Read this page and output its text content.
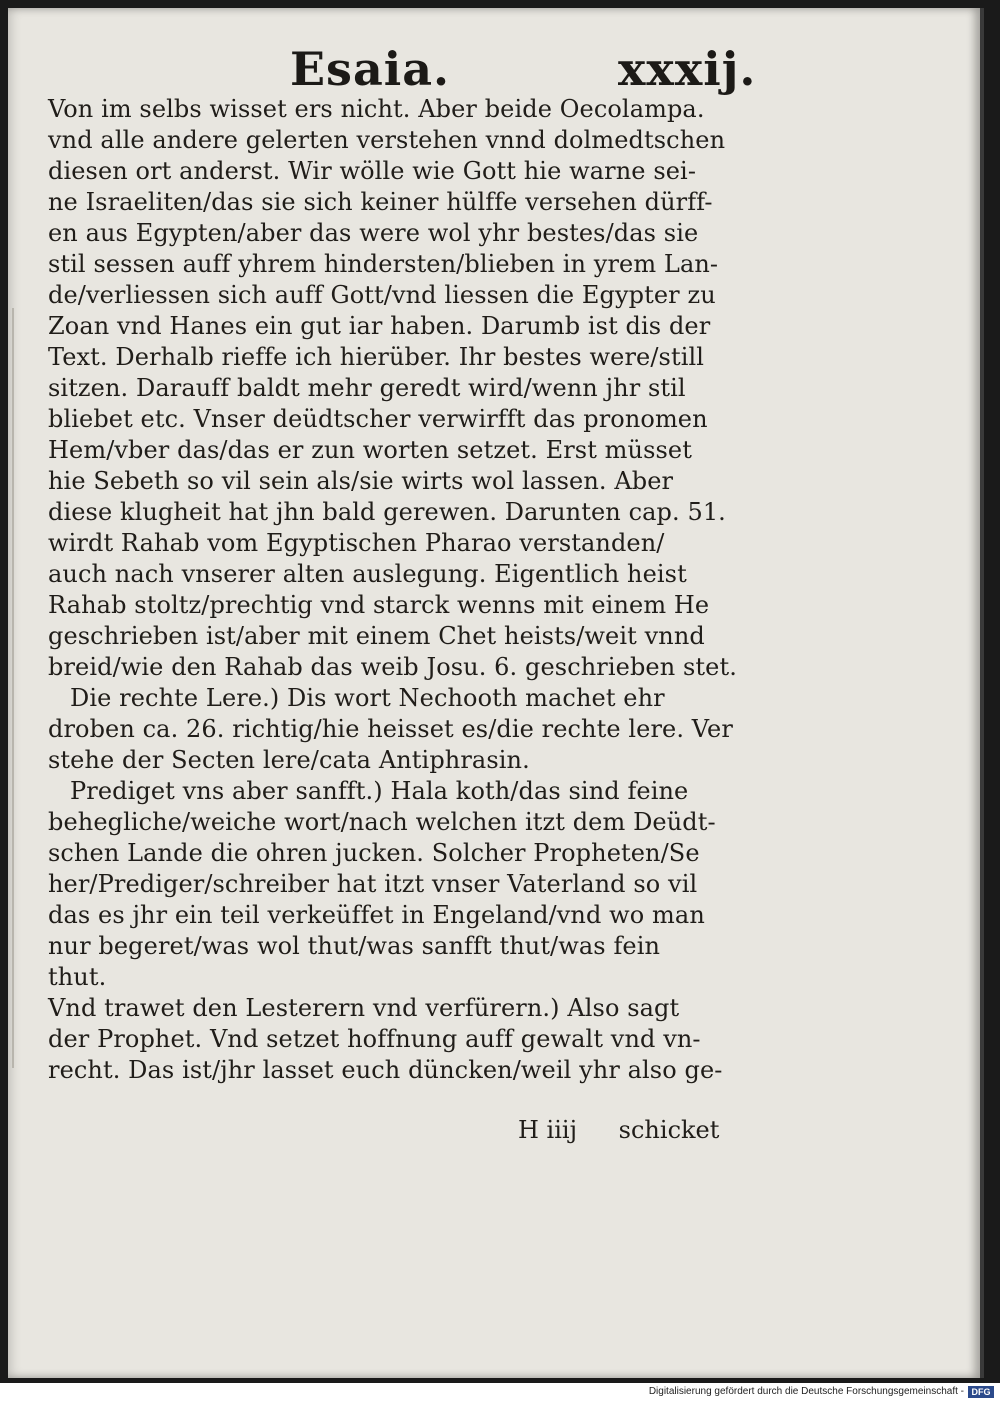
Esaia.	xxxij.
Von im selbs wisset ers nicht. Aber beide Oecolampa.
vnd alle andere gelerten verstehen vnnd dolmedtschen
diesen ort anderst. Wir wölle wie Gott hie warne sei-
ne Israeliten/das sie sich keiner hülffe versehen dürff-
en aus Egypten/aber das were wol yhr bestes/das sie
stil sessen auff yhrem hindersten/blieben in yrem Lan-
de/verliessen sich auff Gott/vnd liessen die Egypter zu
Zoan vnd Hanes ein gut iar haben. Darumb ist dis der
Text. Derhalb rieffe ich hierüber. Ihr bestes were/still
sitzen. Darauff baldt mehr geredt wird/wenn jhr stil
bliebet etc. Vnser deüdtscher verwirfft das pronomen
Hem/vber das/das er zun worten setzet. Erst müsset
hie Sebeth so vil sein als/sie wirts wol lassen. Aber
diese klugheit hat jhn bald gerewen. Darunten cap. 51.
wirdt Rahab vom Egyptischen Pharao verstanden/
auch nach vnserer alten auslegung. Eigentlich heist
Rahab stoltz/prechtig vnd starck wenns mit einem He
geschrieben ist/aber mit einem Chet heists/weit vnnd
breid/wie den Rahab das weib Josu. 6. geschrieben stet.
Die rechte Lere.) Dis wort Nechooth machet ehr
droben ca. 26. richtig/hie heisset es/die rechte lere. Ver
stehe der Secten lere/cata Antiphrasin.
Prediget vns aber sanfft.) Hala koth/das sind feine
behegliche/weiche wort/nach welchen itzt dem Deüdt-
schen Lande die ohren jucken. Solcher Propheten/Se
her/Prediger/schreiber hat itzt vnser Vaterland so vil
das es jhr ein teil verkeüffet in Engeland/vnd wo man
nur begeret/was wol thut/was sanfft thut/was fein
thut.
Vnd trawet den Lesterern vnd verfürern.) Also sagt
der Prophet. Vnd setzet hoffnung auff gewalt vnd vn-
recht. Das ist/jhr lasset euch düncken/weil yhr also ge-
H iiij schicket
Digitalisierung gefördert durch die Deutsche Forschungsgemeinschaft - DFG
